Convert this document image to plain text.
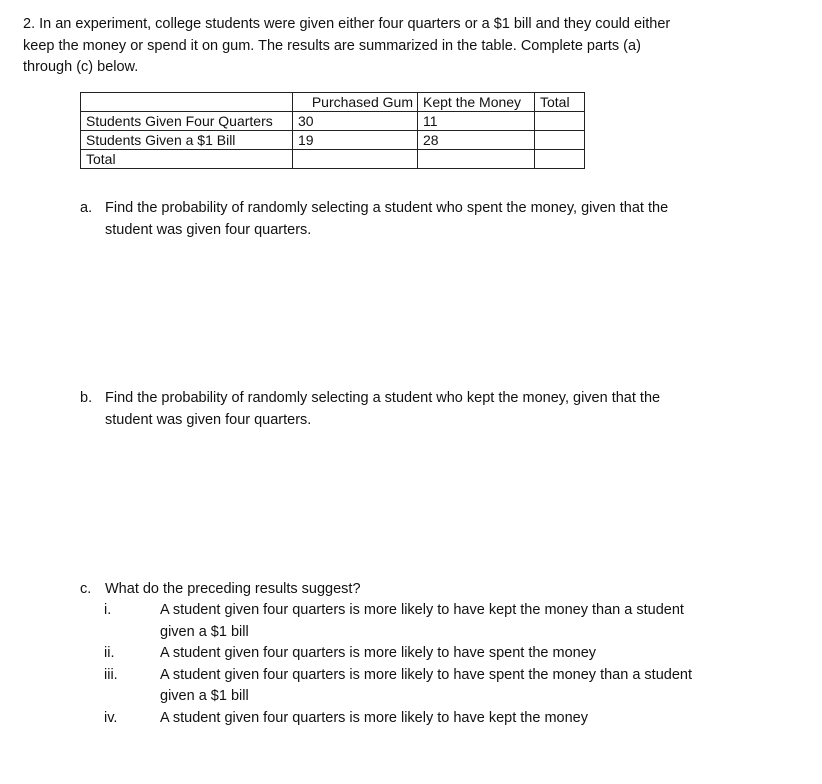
2. In an experiment, college students were given either four quarters or a $1 bill and they could either

keep the money or spend it on gum. The results are summarized in the table. Complete parts (a)

through (c) below.

	Purchased Gum	Kept the Money	Total
Students Given Four Quarters	30	11	
Students Given a $1 Bill	19	28	
Total			
a. Find the probability of randomly selecting a student who spent the money, given that the
student was given four quarters.
b. Find the probability of randomly selecting a student who kept the money, given that the
student was given four quarters.
c. What do the preceding results suggest?
i.	A student given four quarters is more likely to have kept the money than a student
given a $1 bill
ii.	A student given four quarters is more likely to have spent the money
iii.	A student given four quarters is more likely to have spent the money than a student
given a $1 bill
iv.	A student given four quarters is more likely to have kept the money
